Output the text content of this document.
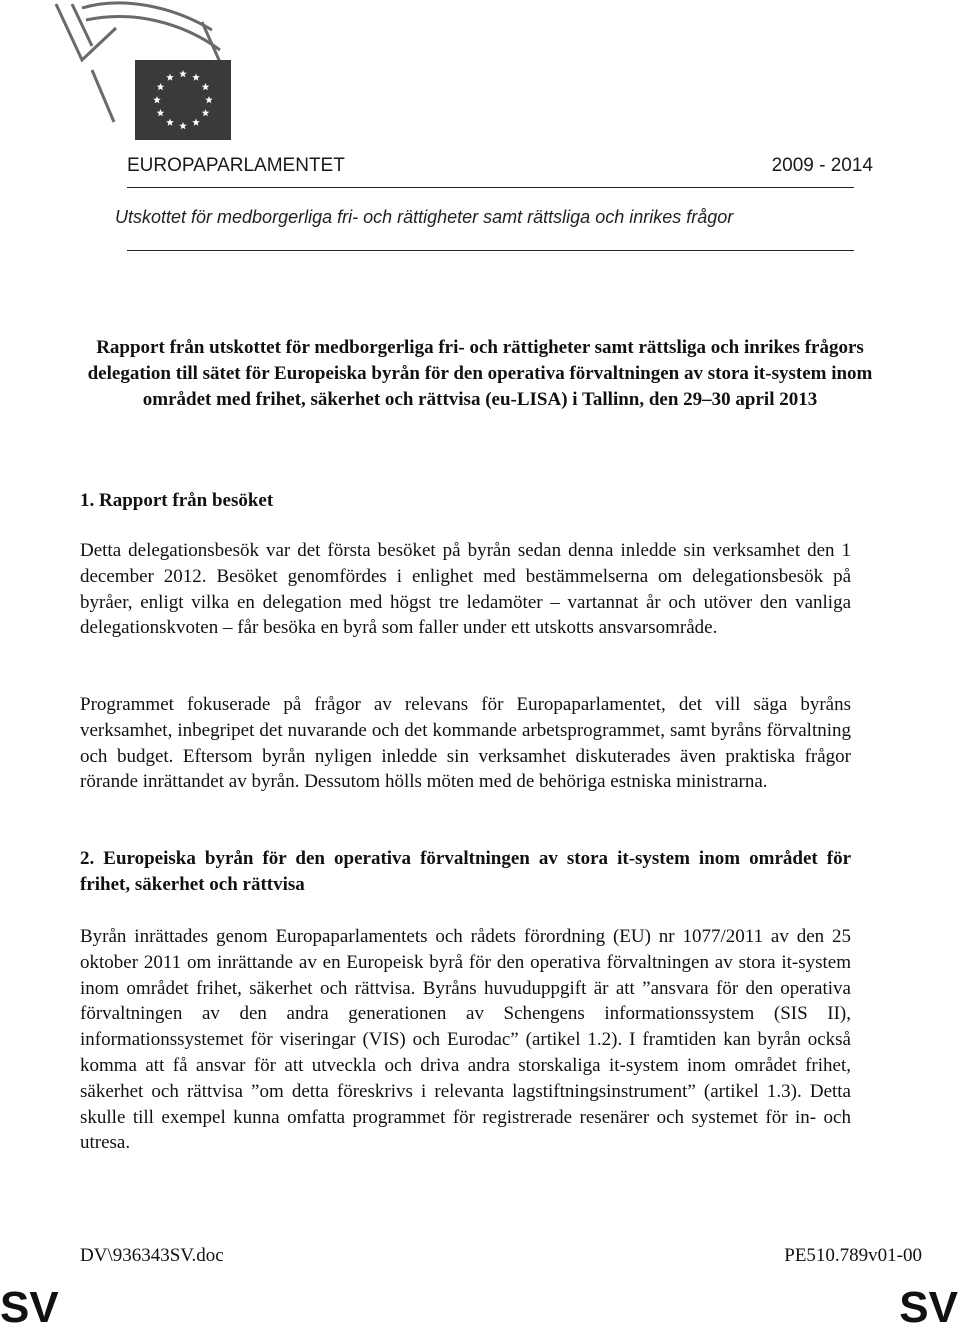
EUROPAPARLAMENTET	2009 - 2014
Utskottet för medborgerliga fri- och rättigheter samt rättsliga och inrikes frågor
Rapport från utskottet för medborgerliga fri- och rättigheter samt rättsliga och inrikes frågors delegation till sätet för Europeiska byrån för den operativa förvaltningen av stora it-system inom området med frihet, säkerhet och rättvisa (eu-LISA) i Tallinn, den 29–30 april 2013
1. Rapport från besöket
Detta delegationsbesök var det första besöket på byrån sedan denna inledde sin verksamhet den 1 december 2012. Besöket genomfördes i enlighet med bestämmelserna om delegationsbesök på byråer, enligt vilka en delegation med högst tre ledamöter – vartannat år och utöver den vanliga delegationskvoten – får besöka en byrå som faller under ett utskotts ansvarsområde.
Programmet fokuserade på frågor av relevans för Europaparlamentet, det vill säga byråns verksamhet, inbegripet det nuvarande och det kommande arbetsprogrammet, samt byråns förvaltning och budget. Eftersom byrån nyligen inledde sin verksamhet diskuterades även praktiska frågor rörande inrättandet av byrån. Dessutom hölls möten med de behöriga estniska ministrarna.
2. Europeiska byrån för den operativa förvaltningen av stora it-system inom området för frihet, säkerhet och rättvisa
Byrån inrättades genom Europaparlamentets och rådets förordning (EU) nr 1077/2011 av den 25 oktober 2011 om inrättande av en Europeisk byrå för den operativa förvaltningen av stora it-system inom området frihet, säkerhet och rättvisa. Byråns huvuduppgift är att ”ansvara för den operativa förvaltningen av den andra generationen av Schengens informationssystem (SIS II), informationssystemet för viseringar (VIS) och Eurodac” (artikel 1.2). I framtiden kan byrån också komma att få ansvar för att utveckla och driva andra storskaliga it-system inom området frihet, säkerhet och rättvisa ”om detta föreskrivs i relevanta lagstiftningsinstrument” (artikel 1.3). Detta skulle till exempel kunna omfatta programmet för registrerade resenärer och systemet för in- och utresa.
DV\936343SV.doc	PE510.789v01-00
SV	SV
